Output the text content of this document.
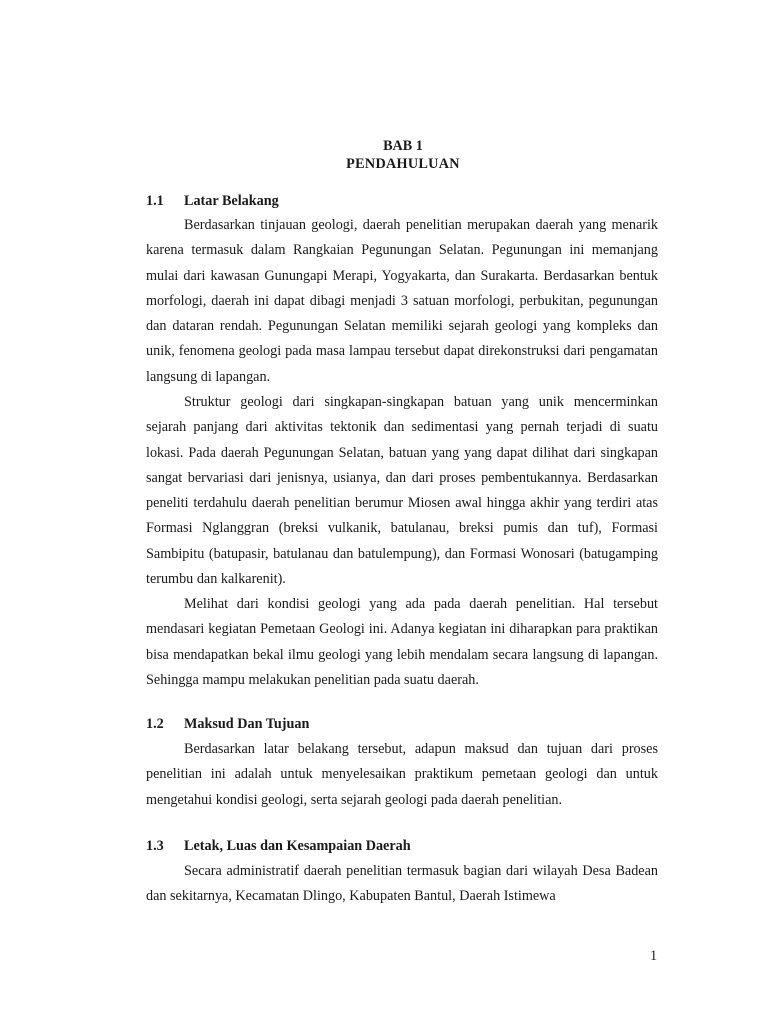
BAB 1
PENDAHULUAN
1.1 Latar Belakang

Berdasarkan tinjauan geologi, daerah penelitian merupakan daerah yang menarik karena termasuk dalam Rangkaian Pegunungan Selatan. Pegunungan ini memanjang mulai dari kawasan Gunungapi Merapi, Yogyakarta, dan Surakarta. Berdasarkan bentuk morfologi, daerah ini dapat dibagi menjadi 3 satuan morfologi, perbukitan, pegunungan dan dataran rendah. Pegunungan Selatan memiliki sejarah geologi yang kompleks dan unik, fenomena geologi pada masa lampau tersebut dapat direkonstruksi dari pengamatan langsung di lapangan.

Struktur geologi dari singkapan-singkapan batuan yang unik mencerminkan sejarah panjang dari aktivitas tektonik dan sedimentasi yang pernah terjadi di suatu lokasi. Pada daerah Pegunungan Selatan, batuan yang yang dapat dilihat dari singkapan sangat bervariasi dari jenisnya, usianya, dan dari proses pembentukannya. Berdasarkan peneliti terdahulu daerah penelitian berumur Miosen awal hingga akhir yang terdiri atas Formasi Nglanggran (breksi vulkanik, batulanau, breksi pumis dan tuf), Formasi Sambipitu (batupasir, batulanau dan batulempung), dan Formasi Wonosari (batugamping terumbu dan kalkarenit).

Melihat dari kondisi geologi yang ada pada daerah penelitian. Hal tersebut mendasari kegiatan Pemetaan Geologi ini. Adanya kegiatan ini diharapkan para praktikan bisa mendapatkan bekal ilmu geologi yang lebih mendalam secara langsung di lapangan. Sehingga mampu melakukan penelitian pada suatu daerah.

1.2 Maksud Dan Tujuan

Berdasarkan latar belakang tersebut, adapun maksud dan tujuan dari proses penelitian ini adalah untuk menyelesaikan praktikum pemetaan geologi dan untuk mengetahui kondisi geologi, serta sejarah geologi pada daerah penelitian.

1.3 Letak, Luas dan Kesampaian Daerah

Secara administratif daerah penelitian termasuk bagian dari wilayah Desa Badean dan sekitarnya, Kecamatan Dlingo, Kabupaten Bantul, Daerah Istimewa

1
